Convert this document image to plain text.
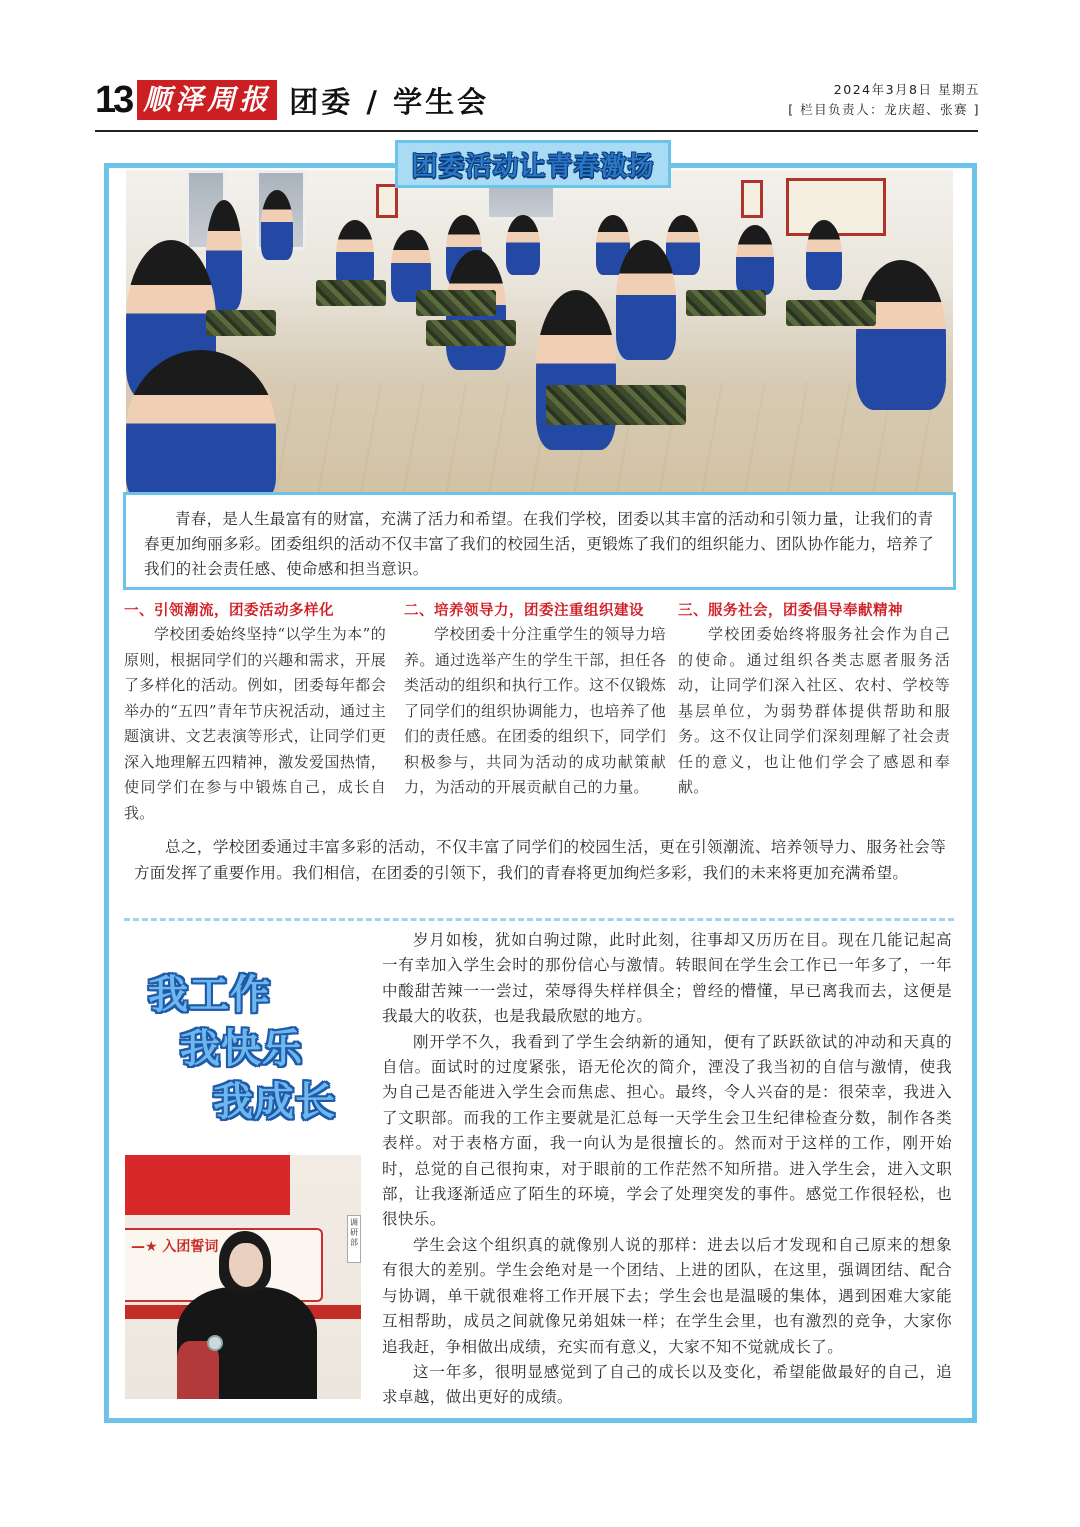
13 顺泽周报 团委 / 学生会	2024年3月8日 星期五
[ 栏目负责人：龙庆超、张赛 ]
团委活动让青春激扬

青春，是人生最富有的财富，充满了活力和希望。在我们学校，团委以其丰富的活动和引领力量，让我们的青春更加绚丽多彩。团委组织的活动不仅丰富了我们的校园生活，更锻炼了我们的组织能力、团队协作能力，培养了我们的社会责任感、使命感和担当意识。

一、引领潮流，团委活动多样化

学校团委始终坚持“以学生为本”的原则，根据同学们的兴趣和需求，开展了多样化的活动。例如，团委每年都会举办的“五四”青年节庆祝活动，通过主题演讲、文艺表演等形式，让同学们更深入地理解五四精神，激发爱国热情，使同学们在参与中锻炼自己，成长自我。

二、培养领导力，团委注重组织建设

学校团委十分注重学生的领导力培养。通过选举产生的学生干部，担任各类活动的组织和执行工作。这不仅锻炼了同学们的组织协调能力，也培养了他们的责任感。在团委的组织下，同学们积极参与，共同为活动的成功献策献力，为活动的开展贡献自己的力量。

三、服务社会，团委倡导奉献精神

学校团委始终将服务社会作为自己的使命。通过组织各类志愿者服务活动，让同学们深入社区、农村、学校等基层单位，为弱势群体提供帮助和服务。这不仅让同学们深刻理解了社会责任的意义，也让他们学会了感恩和奉献。

总之，学校团委通过丰富多彩的活动，不仅丰富了同学们的校园生活，更在引领潮流、培养领导力、服务社会等方面发挥了重要作用。我们相信，在团委的引领下，我们的青春将更加绚烂多彩，我们的未来将更加充满希望。

我工作
我快乐
我成长
—★ 入团誓词
调研部

岁月如梭，犹如白驹过隙，此时此刻，往事却又历历在目。现在几能记起高一有幸加入学生会时的那份信心与激情。转眼间在学生会工作已一年多了，一年中酸甜苦辣一一尝过，荣辱得失样样俱全；曾经的懵懂，早已离我而去，这便是我最大的收获，也是我最欣慰的地方。

刚开学不久，我看到了学生会纳新的通知，便有了跃跃欲试的冲动和天真的自信。面试时的过度紧张，语无伦次的简介，湮没了我当初的自信与激情，使我为自己是否能进入学生会而焦虑、担心。最终，令人兴奋的是：很荣幸，我进入了文职部。而我的工作主要就是汇总每一天学生会卫生纪律检查分数，制作各类表样。对于表格方面，我一向认为是很擅长的。然而对于这样的工作，刚开始时，总觉的自己很拘束，对于眼前的工作茫然不知所措。进入学生会，进入文职部，让我逐渐适应了陌生的环境，学会了处理突发的事件。感觉工作很轻松，也很快乐。

学生会这个组织真的就像别人说的那样：进去以后才发现和自己原来的想象有很大的差别。学生会绝对是一个团结、上进的团队，在这里，强调团结、配合与协调，单干就很难将工作开展下去；学生会也是温暖的集体，遇到困难大家能互相帮助，成员之间就像兄弟姐妹一样；在学生会里，也有激烈的竞争，大家你追我赶，争相做出成绩，充实而有意义，大家不知不觉就成长了。

这一年多，很明显感觉到了自己的成长以及变化，希望能做最好的自己，追求卓越，做出更好的成绩。
